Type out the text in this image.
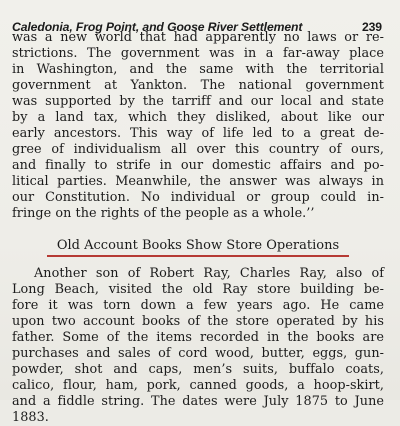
Caledonia, Frog Point, and Goose River Settlement	239
was a new world that had apparently no laws or re-
strictions. The government was in a far-away place
in Washington, and the same with the territorial
government at Yankton. The national government
was supported by the tarriff and our local and state
by a land tax, which they disliked, about like our
early ancestors. This way of life led to a great de-
gree of individualism all over this country of ours,
and finally to strife in our domestic affairs and po-
litical parties. Meanwhile, the answer was always in
our Constitution. No individual or group could in-
fringe on the rights of the people as a whole.’’
Old Account Books Show Store Operations
Another son of Robert Ray, Charles Ray, also of
Long Beach, visited the old Ray store building be-
fore it was torn down a few years ago. He came
upon two account books of the store operated by his
father. Some of the items recorded in the books are
purchases and sales of cord wood, butter, eggs, gun-
powder, shot and caps, men’s suits, buffalo coats,
calico, flour, ham, pork, canned goods, a hoop-skirt,
and a fiddle string. The dates were July 1875 to June
1883.
